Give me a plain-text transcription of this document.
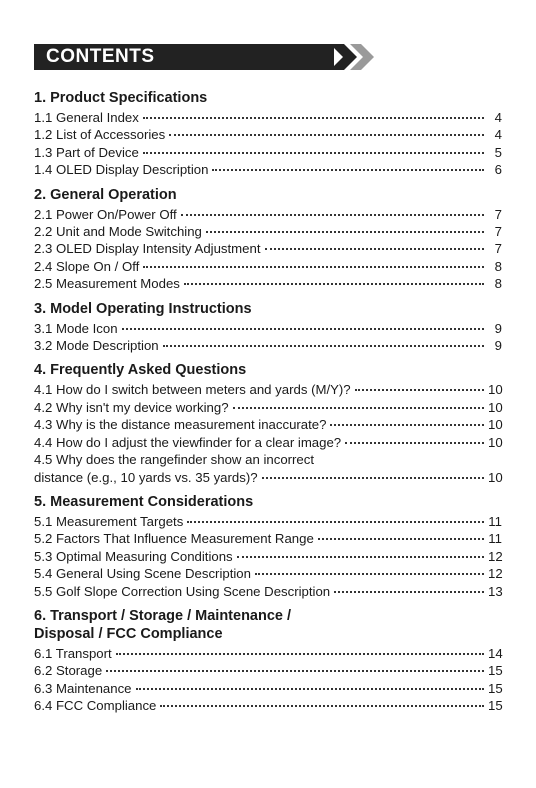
CONTENTS
1. Product Specifications
1.1 General Index	4
1.2 List of Accessories	4
1.3 Part of Device	5
1.4 OLED Display Description	6
2. General Operation
2.1 Power On/Power Off	7
2.2 Unit and Mode Switching	7
2.3 OLED Display Intensity Adjustment	7
2.4 Slope On / Off	8
2.5 Measurement Modes	8
3. Model Operating Instructions
3.1 Mode Icon	9
3.2 Mode Description	9
4. Frequently Asked Questions
4.1 How do I switch between meters and yards (M/Y)?	10
4.2 Why isn't my device working?	10
4.3 Why is the distance measurement inaccurate?	10
4.4 How do I adjust the viewfinder for a clear image?	10
4.5 Why does the rangefinder show an incorrect
distance (e.g., 10 yards vs. 35 yards)?	10
5. Measurement Considerations
5.1 Measurement Targets	11
5.2 Factors That Influence Measurement Range	11
5.3 Optimal Measuring Conditions	12
5.4 General Using Scene Description	12
5.5 Golf Slope Correction Using Scene Description	13
6. Transport / Storage / Maintenance /
Disposal / FCC Compliance
6.1 Transport	14
6.2 Storage	15
6.3 Maintenance	15
6.4 FCC Compliance	15
